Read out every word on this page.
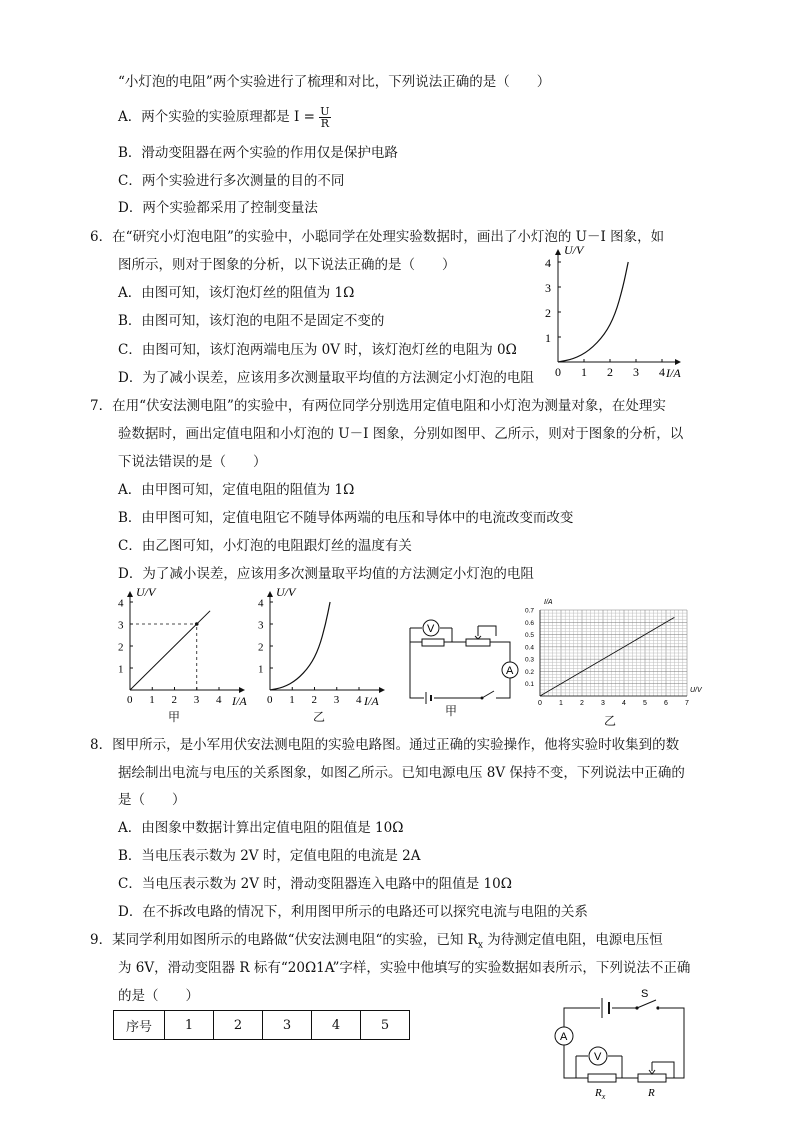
“小灯泡的电阻”两个实验进行了梳理和对比，下列说法正确的是（　　）
A．两个实验的实验原理都是 $I = \frac{U}{R}$
B．滑动变阻器在两个实验的作用仅是保护电路
C．两个实验进行多次测量的目的不同
D．两个实验都采用了控制变量法
6．在“研究小灯泡电阻”的实验中，小聪同学在处理实验数据时，画出了小灯泡的 U－I 图象，如
图所示，则对于图象的分析，以下说法正确的是（　　）
A．由图可知，该灯泡灯丝的阻值为 1Ω
B．由图可知，该灯泡的电阻不是固定不变的
C．由图可知，该灯泡两端电压为 0V 时，该灯泡灯丝的电阻为 0Ω
D．为了减小误差，应该用多次测量取平均值的方法测定小灯泡的电阻 0 1 2 3 4
1
2
3
4
U/V
I/A
7．在用“伏安法测电阻”的实验中，有两位同学分别选用定值电阻和小灯泡为测量对象，在处理实
验数据时，画出定值电阻和小灯泡的 U－I 图象，分别如图甲、乙所示，则对于图象的分析，以
下说法错误的是（　　）
A．由甲图可知，定值电阻的阻值为 1Ω
B．由甲图可知，定值电阻它不随导体两端的电压和导体中的电流改变而改变
C．由乙图可知，小灯泡的电阻跟灯丝的温度有关
D．为了减小误差，应该用多次测量取平均值的方法测定小灯泡的电阻
0 1 2 3 4
1
2
3
4
U/V
I/A
甲
0 1 2 3 4
1
2
3
4
U/V
I/A
乙
V
A
甲
0 1 2 3 4 5 6 7
0.1
0.2
0.3
0.4
0.5
0.6
0.7
I/A
U/V
乙
8．图甲所示，是小军用伏安法测电阻的实验电路图。通过正确的实验操作，他将实验时收集到的数
据绘制出电流与电压的关系图象，如图乙所示。已知电源电压 8V 保持不变，下列说法中正确的
是（　　）
A．由图象中数据计算出定值电阻的阻值是 10Ω
B．当电压表示数为 2V 时，定值电阻的电流是 2A
C．当电压表示数为 2V 时，滑动变阻器连入电路中的阻值是 10Ω
D．在不拆改电路的情况下，利用图甲所示的电路还可以探究电流与电阻的关系
9．某同学利用如图所示的电路做“伏安法测电阻“的实验，已知 $R_x$ 为待测定值电阻，电源电压恒
为 6V，滑动变阻器 R 标有“20Ω1A”字样，实验中他填写的实验数据如表所示，下列说法不正确
的是（　　）
序号	1	2	3	4	5
S
A
V
$R_x$	R
